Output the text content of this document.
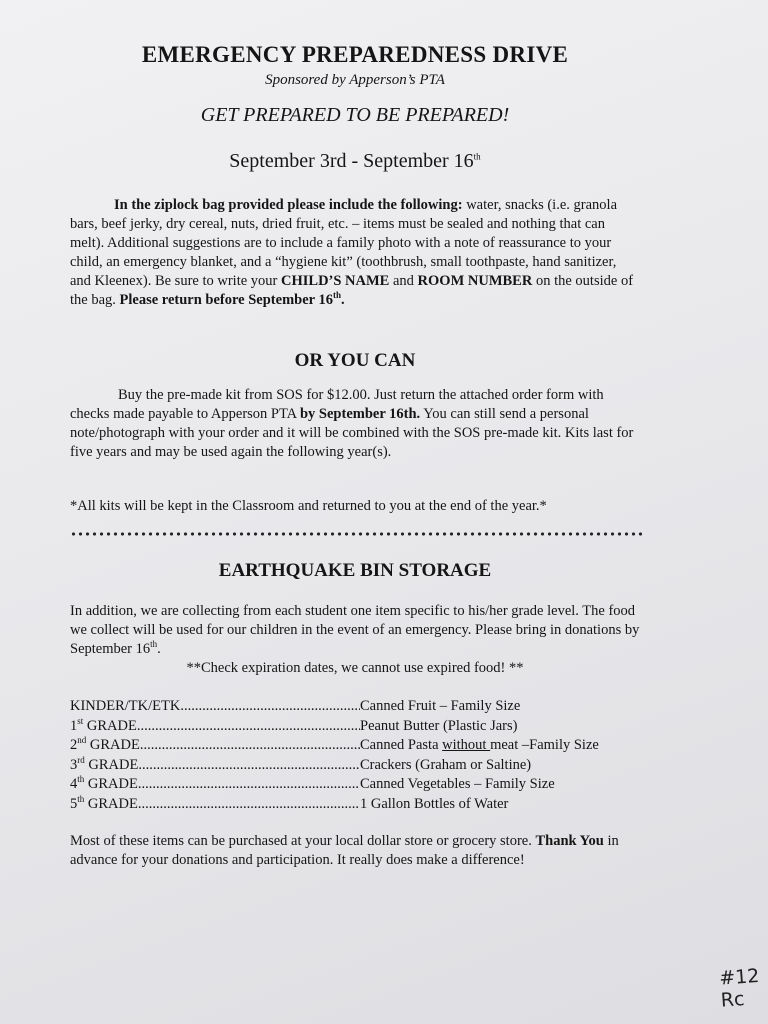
EMERGENCY PREPAREDNESS DRIVE
Sponsored by Apperson’s PTA
GET PREPARED TO BE PREPARED!
September 3rd - September 16th
In the ziplock bag provided please include the following: water, snacks (i.e. granola bars, beef jerky, dry cereal, nuts, dried fruit, etc. – items must be sealed and nothing that can melt). Additional suggestions are to include a family photo with a note of reassurance to your child, an emergency blanket, and a “hygiene kit” (toothbrush, small toothpaste, hand sanitizer, and Kleenex). Be sure to write your CHILD’S NAME and ROOM NUMBER on the outside of the bag. Please return before September 16th.
OR YOU CAN
Buy the pre-made kit from SOS for $12.00. Just return the attached order form with checks made payable to Apperson PTA by September 16th. You can still send a personal note/photograph with your order and it will be combined with the SOS pre-made kit. Kits last for five years and may be used again the following year(s).
*All kits will be kept in the Classroom and returned to you at the end of the year.*
EARTHQUAKE BIN STORAGE
In addition, we are collecting from each student one item specific to his/her grade level. The food we collect will be used for our children in the event of an emergency. Please bring in donations by September 16th.
**Check expiration dates, we cannot use expired food! **
KINDER/TK/ETK .....	Canned Fruit – Family Size
1st GRADE .....	Peanut Butter (Plastic Jars)
2nd GRADE .....	Canned Pasta without meat –Family Size
3rd GRADE .....	Crackers (Graham or Saltine)
4th GRADE .....	Canned Vegetables – Family Size
5th GRADE .....	1 Gallon Bottles of Water
Most of these items can be purchased at your local dollar store or grocery store. Thank You in advance for your donations and participation. It really does make a difference!
#12
Rc
